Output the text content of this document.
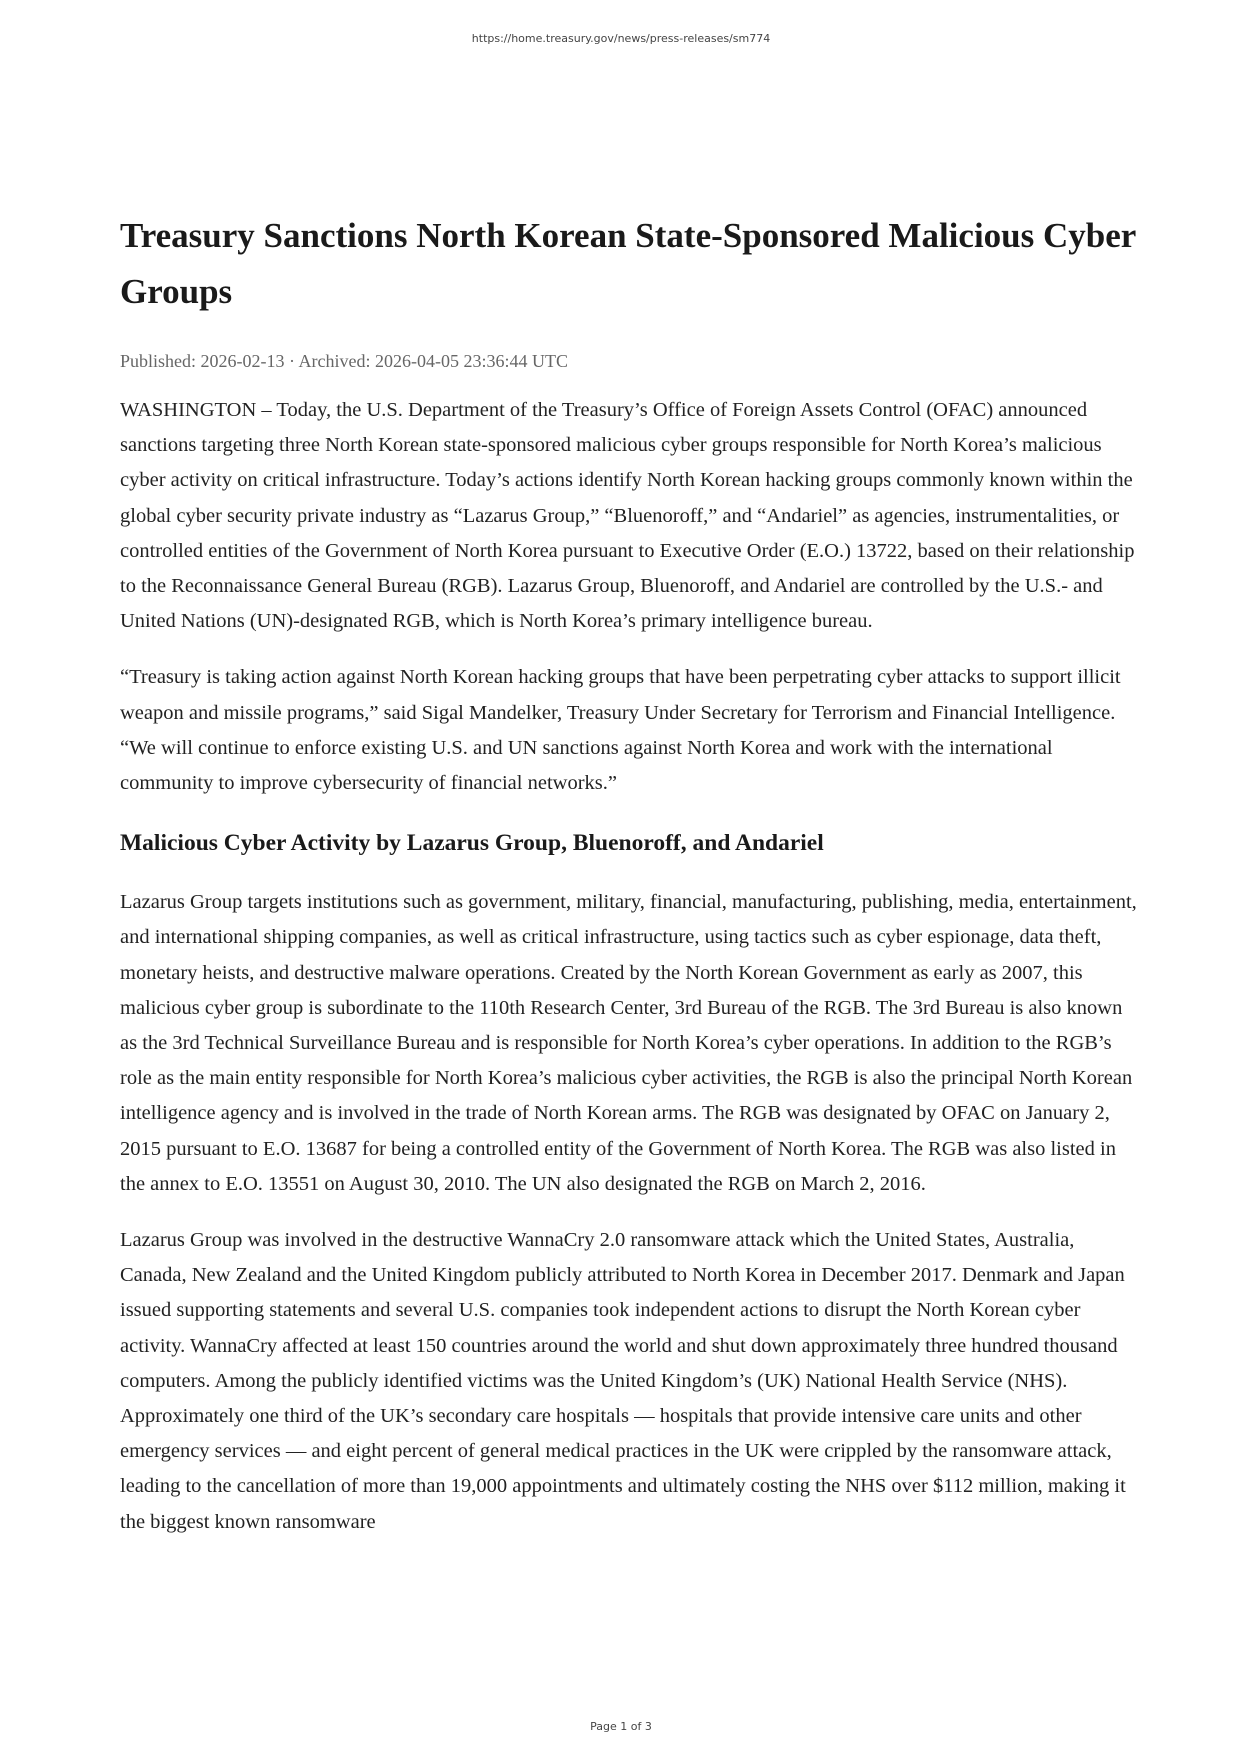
https://home.treasury.gov/news/press-releases/sm774
Treasury Sanctions North Korean State-Sponsored Malicious Cyber Groups
Published: 2026-02-13 · Archived: 2026-04-05 23:36:44 UTC

WASHINGTON – Today, the U.S. Department of the Treasury’s Office of Foreign Assets Control (OFAC) announced sanctions targeting three North Korean state-sponsored malicious cyber groups responsible for North Korea’s malicious cyber activity on critical infrastructure. Today’s actions identify North Korean hacking groups commonly known within the global cyber security private industry as “Lazarus Group,” “Bluenoroff,” and “Andariel” as agencies, instrumentalities, or controlled entities of the Government of North Korea pursuant to Executive Order (E.O.) 13722, based on their relationship to the Reconnaissance General Bureau (RGB). Lazarus Group, Bluenoroff, and Andariel are controlled by the U.S.- and United Nations (UN)-designated RGB, which is North Korea’s primary intelligence bureau.

“Treasury is taking action against North Korean hacking groups that have been perpetrating cyber attacks to support illicit weapon and missile programs,” said Sigal Mandelker, Treasury Under Secretary for Terrorism and Financial Intelligence. “We will continue to enforce existing U.S. and UN sanctions against North Korea and work with the international community to improve cybersecurity of financial networks.”

Malicious Cyber Activity by Lazarus Group, Bluenoroff, and Andariel

Lazarus Group targets institutions such as government, military, financial, manufacturing, publishing, media, entertainment, and international shipping companies, as well as critical infrastructure, using tactics such as cyber espionage, data theft, monetary heists, and destructive malware operations. Created by the North Korean Government as early as 2007, this malicious cyber group is subordinate to the 110th Research Center, 3rd Bureau of the RGB. The 3rd Bureau is also known as the 3rd Technical Surveillance Bureau and is responsible for North Korea’s cyber operations. In addition to the RGB’s role as the main entity responsible for North Korea’s malicious cyber activities, the RGB is also the principal North Korean intelligence agency and is involved in the trade of North Korean arms. The RGB was designated by OFAC on January 2, 2015 pursuant to E.O. 13687 for being a controlled entity of the Government of North Korea. The RGB was also listed in the annex to E.O. 13551 on August 30, 2010. The UN also designated the RGB on March 2, 2016.

Lazarus Group was involved in the destructive WannaCry 2.0 ransomware attack which the United States, Australia, Canada, New Zealand and the United Kingdom publicly attributed to North Korea in December 2017. Denmark and Japan issued supporting statements and several U.S. companies took independent actions to disrupt the North Korean cyber activity. WannaCry affected at least 150 countries around the world and shut down approximately three hundred thousand computers. Among the publicly identified victims was the United Kingdom’s (UK) National Health Service (NHS). Approximately one third of the UK’s secondary care hospitals — hospitals that provide intensive care units and other emergency services — and eight percent of general medical practices in the UK were crippled by the ransomware attack, leading to the cancellation of more than 19,000 appointments and ultimately costing the NHS over $112 million, making it the biggest known ransomware

Page 1 of 3
